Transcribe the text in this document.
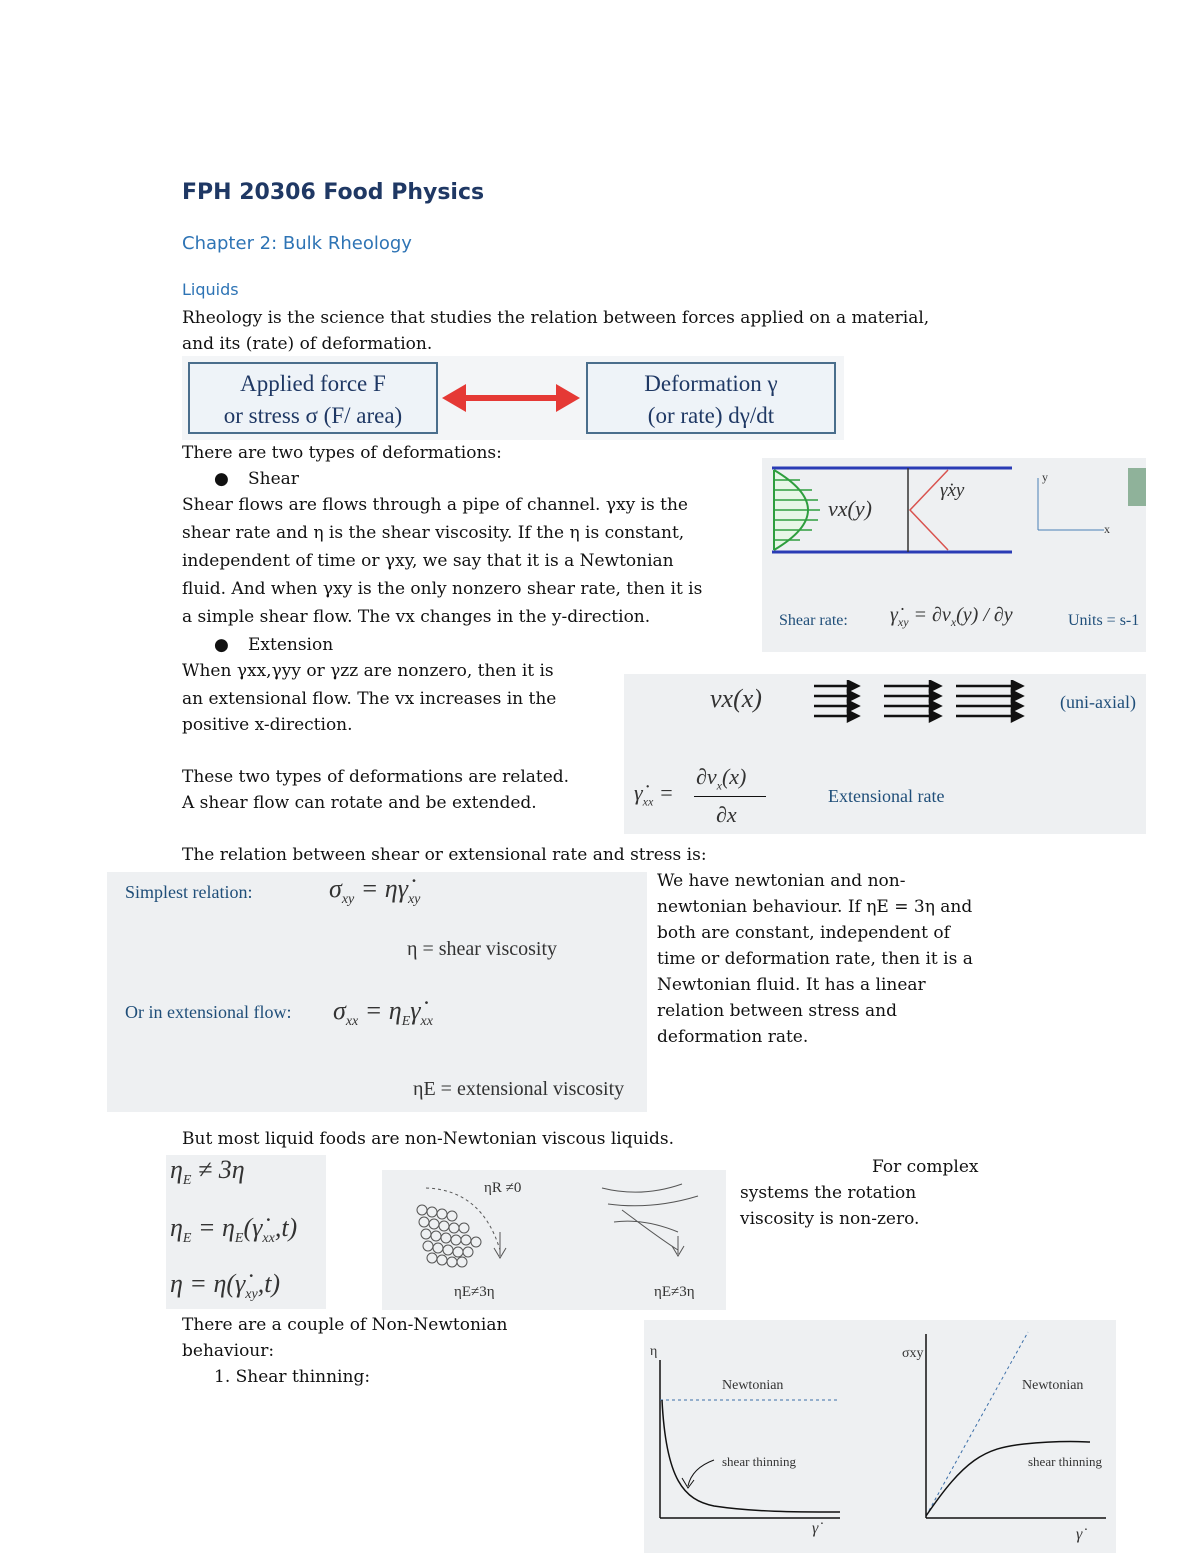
FPH 20306 Food Physics
Chapter 2: Bulk Rheology
Liquids
Rheology is the science that studies the relation between forces applied on a material,
and its (rate) of deformation.
Applied force F
or stress σ (F/ area)
Deformation γ
(or rate) dγ/dt
There are two types of deformations:
● Shear
Shear flows are flows through a pipe of channel. γxy is the
shear rate and η is the shear viscosity. If the η is constant,
independent of time or γxy, we say that it is a Newtonian
fluid. And when γxy is the only nonzero shear rate, then it is
a simple shear flow. The vx changes in the y-direction.
● Extension
When γxx,γyy or γzz are nonzero, then it is
an extensional flow. The vx increases in the
positive x-direction.
These two types of deformations are related.
A shear flow can rotate and be extended.
vx(y)
γ̇xy
y
x
Shear rate: $\gammȧ_{xy} = \partial v_x(y) / \partial y$	Units = s-1
vx(x)	(uni-axial)
$\gammȧ_{xx}$ =
$\partial v_x(x)$
∂x
Extensional rate
The relation between shear or extensional rate and stress is:
Simplest relation:	$\sigma_{xy}$ = $\eta\gammȧ_{xy}$
η = shear viscosity
Or in extensional flow: $\sigma_{xx}$ = $\eta_E\gammȧ_{xx}$
ηE = extensional viscosity
We have newtonian and non-
newtonian behaviour. If ηE = 3η and
both are constant, independent of
time or deformation rate, then it is a
Newtonian fluid. It has a linear
relation between stress and
deformation rate.
But most liquid foods are non-Newtonian viscous liquids.
$\eta_E \ne 3\eta$
$\eta_E$ = $\eta_E(\gammȧ_{xx},t)$
$\eta = \eta(\gammȧ_{xy},t)$
ηR ≠0
ηE≠3η	ηE≠3η
For complex
systems the rotation
viscosity is non-zero.
There are a couple of Non-Newtonian
behaviour:
1. Shear thinning:
η
Newtonian
shear thinning
γ̇
σxy
Newtonian
shear thinning
γ̇
